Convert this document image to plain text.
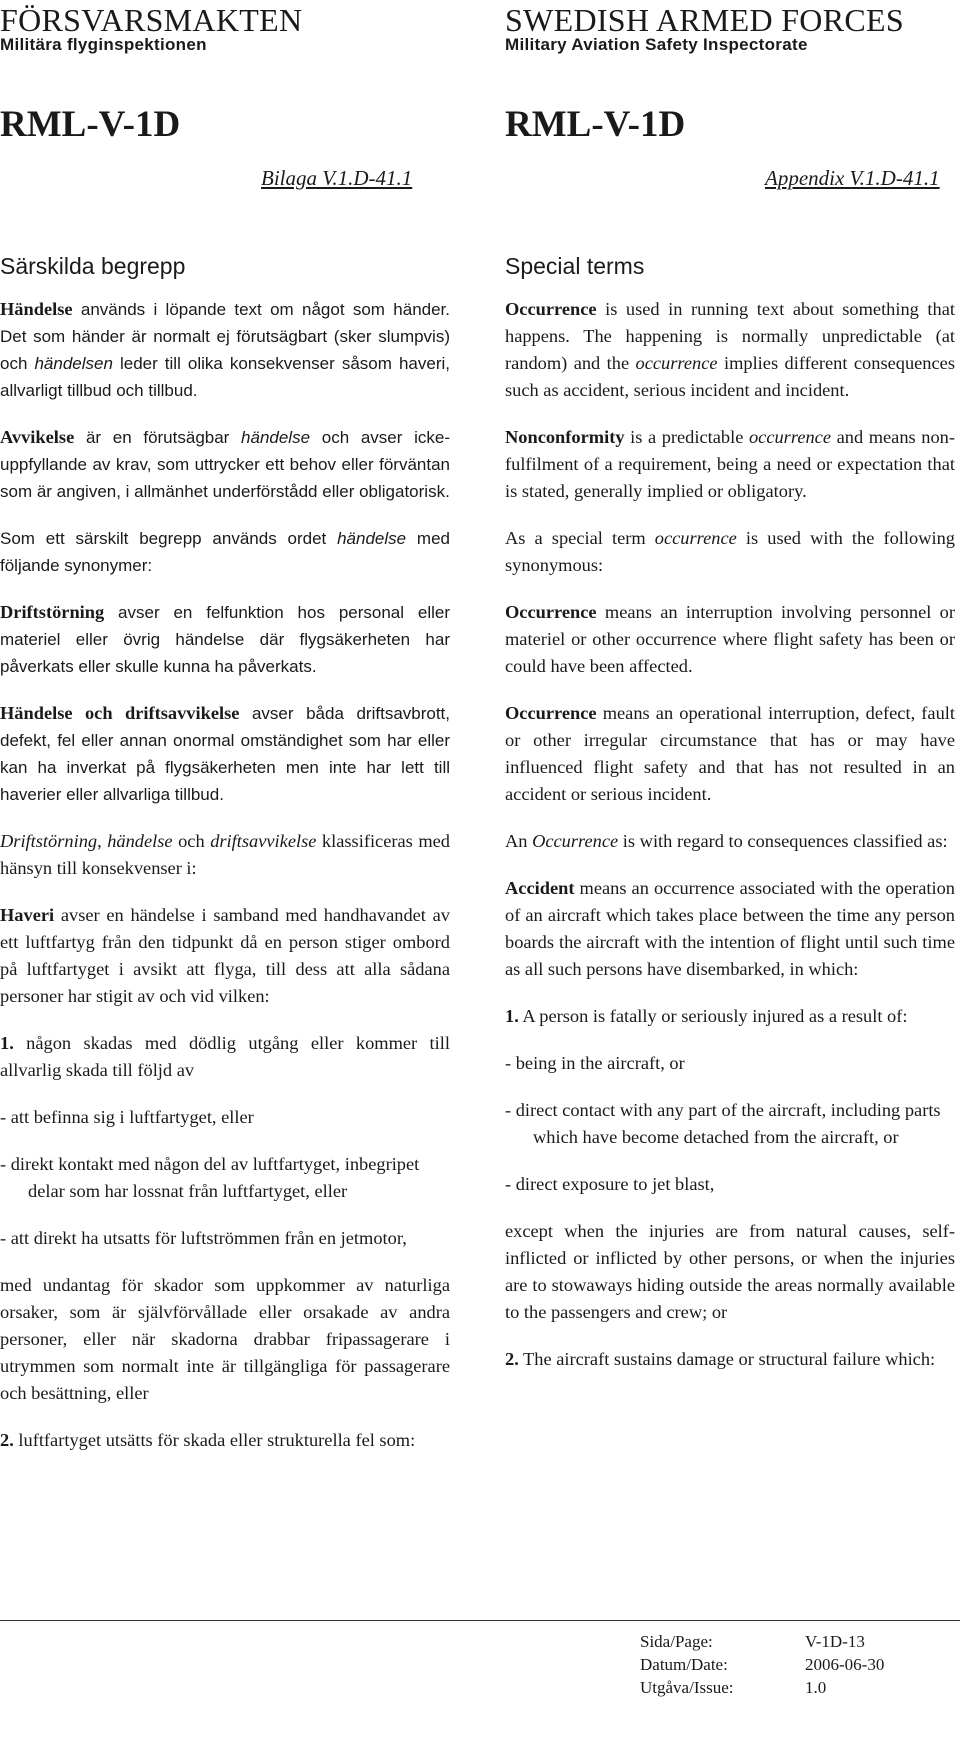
FÖRSVARSMAKTEN
Militära flyginspektionen
RML-V-1D
Bilaga V.1.D-41.1
Särskilda begrepp

Händelse används i löpande text om något som händer. Det som händer är normalt ej förutsägbart (sker slumpvis) och händelsen leder till olika konsekvenser såsom haveri, allvarligt tillbud och tillbud.

Avvikelse är en förutsägbar händelse och avser icke-uppfyllande av krav, som uttrycker ett behov eller förväntan som är angiven, i allmänhet underförstådd eller obligatorisk.

Som ett särskilt begrepp används ordet händelse med följande synonymer:

Driftstörning avser en felfunktion hos personal eller materiel eller övrig händelse där flygsäkerheten har påverkats eller skulle kunna ha påverkats.

Händelse och driftsavvikelse avser båda driftsavbrott, defekt, fel eller annan onormal omständighet som har eller kan ha inverkat på flygsäkerheten men inte har lett till haverier eller allvarliga tillbud.

Driftstörning, händelse och driftsavvikelse klassificeras med hänsyn till konsekvenser i:

Haveri avser en händelse i samband med handhavandet av ett luftfartyg från den tidpunkt då en person stiger ombord på luftfartyget i avsikt att flyga, till dess att alla sådana personer har stigit av och vid vilken:

1. någon skadas med dödlig utgång eller kommer till allvarlig skada till följd av

- att befinna sig i luftfartyget, eller
- direkt kontakt med någon del av luftfartyget, inbegripet delar som har lossnat från luftfartyget, eller
- att direkt ha utsatts för luftströmmen från en jetmotor,

med undantag för skador som uppkommer av naturliga orsaker, som är självförvållade eller orsakade av andra personer, eller när skadorna drabbar fripassagerare i utrymmen som normalt inte är tillgängliga för passagerare och besättning, eller

2. luftfartyget utsätts för skada eller strukturella fel som:

SWEDISH ARMED FORCES
Military Aviation Safety Inspectorate
RML-V-1D
Appendix V.1.D-41.1
Special terms

Occurrence is used in running text about something that happens. The happening is normally unpredictable (at random) and the occurrence implies different consequences such as accident, serious incident and incident.

Nonconformity is a predictable occurrence and means non-fulfilment of a requirement, being a need or expectation that is stated, generally implied or obligatory.

As a special term occurrence is used with the following synonymous:

Occurrence means an interruption involving personnel or materiel or other occurrence where flight safety has been or could have been affected.

Occurrence means an operational interruption, defect, fault or other irregular circumstance that has or may have influenced flight safety and that has not resulted in an accident or serious incident.

An Occurrence is with regard to consequences classified as:

Accident means an occurrence associated with the operation of an aircraft which takes place between the time any person boards the aircraft with the intention of flight until such time as all such persons have disembarked, in which:

1. A person is fatally or seriously injured as a result of:

- being in the aircraft, or
- direct contact with any part of the aircraft, including parts which have become detached from the aircraft, or
- direct exposure to jet blast,

except when the injuries are from natural causes, self-inflicted or inflicted by other persons, or when the injuries are to stowaways hiding outside the areas normally available to the passengers and crew; or

2. The aircraft sustains damage or structural failure which:

Sida/Page:	V-1D-13
Datum/Date:	2006-06-30
Utgåva/Issue:	1.0
